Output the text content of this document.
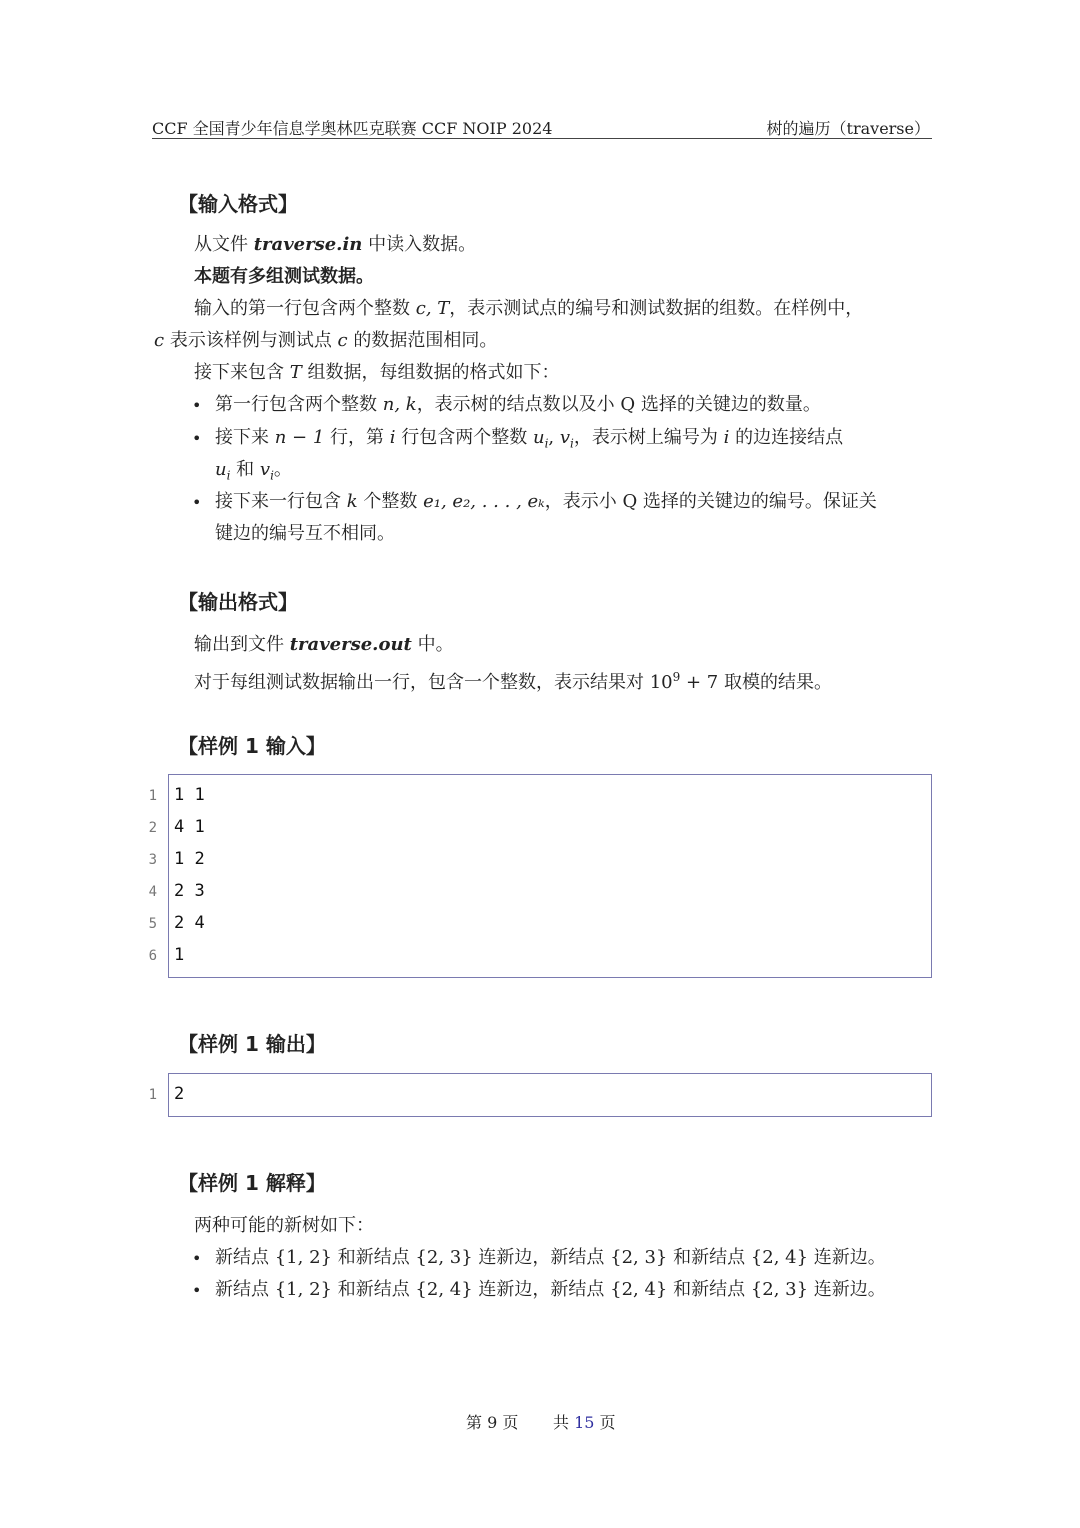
CCF 全国青少年信息学奥林匹克联赛 CCF NOIP 2024	树的遍历（traverse）
【输入格式】
从文件 traverse.in 中读入数据。
本题有多组测试数据。
输入的第一行包含两个整数 c, T，表示测试点的编号和测试数据的组数。在样例中，
c 表示该样例与测试点 c 的数据范围相同。
接下来包含 T 组数据，每组数据的格式如下：
• 第一行包含两个整数 n, k，表示树的结点数以及小 Q 选择的关键边的数量。
• 接下来 n − 1 行，第 i 行包含两个整数 $u_i$, $v_i$，表示树上编号为 i 的边连接结点
$u_i$ 和 $v_i$。
• 接下来一行包含 k 个整数 e₁, e₂, . . . , eₖ，表示小 Q 选择的关键边的编号。保证关
键边的编号互不相同。
【输出格式】
输出到文件 traverse.out 中。
对于每组测试数据输出一行，包含一个整数，表示结果对 $10^9 + 7$ 取模的结果。
【样例 1 输入】
1 1 1
2 4 1
3 1 2
4 2 3
5 2 4
6 1
【样例 1 输出】
1 2
【样例 1 解释】
两种可能的新树如下：
• 新结点 {1, 2} 和新结点 {2, 3} 连新边，新结点 {2, 3} 和新结点 {2, 4} 连新边。
• 新结点 {1, 2} 和新结点 {2, 4} 连新边，新结点 {2, 4} 和新结点 {2, 3} 连新边。
第 9 页 共 15 页
